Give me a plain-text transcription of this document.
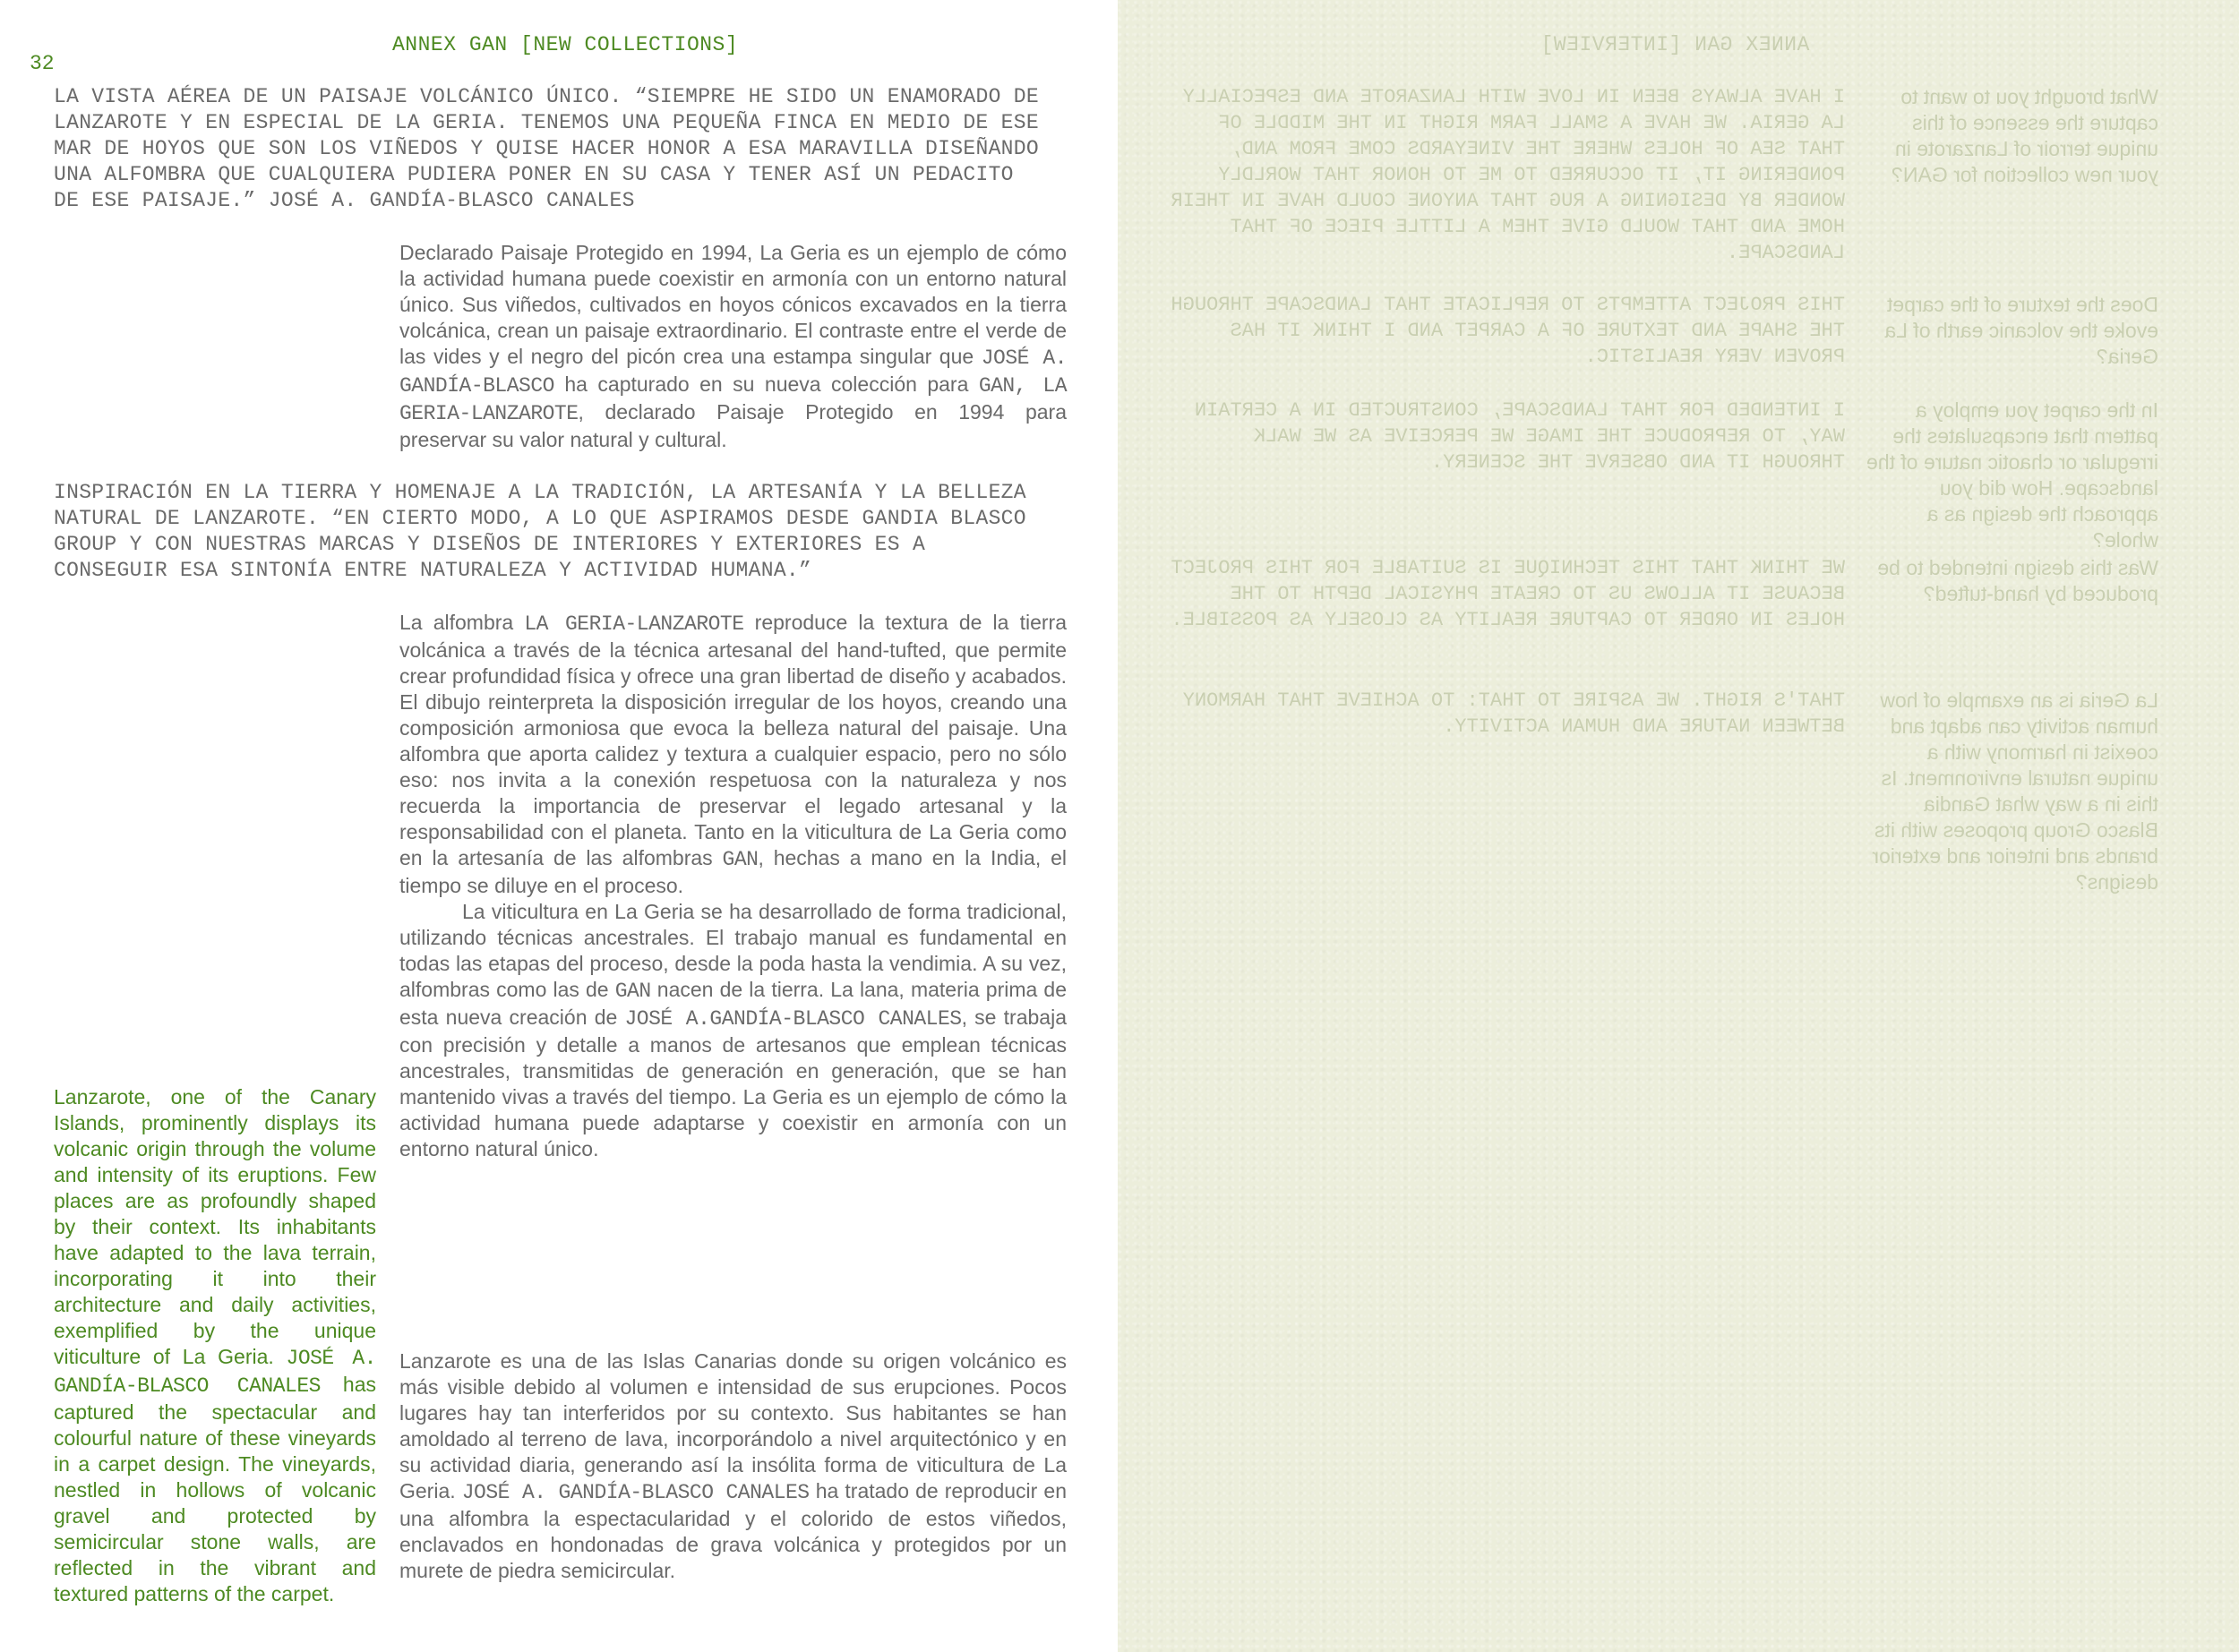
32
ANNEX GAN [NEW COLLECTIONS]
LA VISTA AÉREA DE UN PAISAJE VOLCÁNICO ÚNICO. “SIEMPRE HE SIDO UN ENAMORADO DE LANZAROTE Y EN ESPECIAL DE LA GERIA. TENEMOS UNA PEQUEÑA FINCA EN MEDIO DE ESE MAR DE HOYOS QUE SON LOS VIÑEDOS Y QUISE HACER HONOR A ESA MARAVILLA DISEÑANDO UNA ALFOMBRA QUE CUALQUIERA PUDIERA PONER EN SU CASA Y TENER ASÍ UN PEDACITO DE ESE PAISAJE.” JOSÉ A. GANDÍA-BLASCO CANALES
Declarado Paisaje Protegido en 1994, La Geria es un ejemplo de cómo la actividad humana puede coexistir en armonía con un entorno natural único. Sus viñedos, cultivados en hoyos cónicos excavados en la tierra volcánica, crean un paisaje extraordinario. El contraste entre el verde de las vides y el negro del picón crea una estampa singular que JOSÉ A. GANDÍA-BLASCO ha capturado en su nueva colección para GAN, LA GERIA-LANZAROTE, declarado Paisaje Protegido en 1994 para preservar su valor natural y cultural.
INSPIRACIÓN EN LA TIERRA Y HOMENAJE A LA TRADICIÓN, LA ARTESANÍA Y LA BELLEZA NATURAL DE LANZAROTE. “EN CIERTO MODO, A LO QUE ASPIRAMOS DESDE GANDIA BLASCO GROUP Y CON NUESTRAS MARCAS Y DISEÑOS DE INTERIORES Y EXTERIORES ES A CONSEGUIR ESA SINTONÍA ENTRE NATURALEZA Y ACTIVIDAD HUMANA.”
La alfombra LA GERIA-LANZAROTE reproduce la textura de la tierra volcánica a través de la técnica artesanal del hand-tufted, que permite crear profundidad física y ofrece una gran libertad de diseño y acabados. El dibujo reinterpreta la disposición irregular de los hoyos, creando una composición armoniosa que evoca la belleza natural del paisaje. Una alfombra que aporta calidez y textura a cualquier espacio, pero no sólo eso: nos invita a la conexión respetuosa con la naturaleza y nos recuerda la importancia de preservar el legado artesanal y la responsabilidad con el planeta. Tanto en la viticultura de La Geria como en la artesanía de las alfombras GAN, hechas a mano en la India, el tiempo se diluye en el proceso.
La viticultura en La Geria se ha desarrollado de forma tradicional, utilizando técnicas ancestrales. El trabajo manual es fundamental en todas las etapas del proceso, desde la poda hasta la vendimia. A su vez, alfombras como las de GAN nacen de la tierra. La lana, materia prima de esta nueva creación de JOSÉ A.GANDÍA-BLASCO CANALES, se trabaja con precisión y detalle a manos de artesanos que emplean técnicas ancestrales, transmitidas de generación en generación, que se han mantenido vivas a través del tiempo. La Geria es un ejemplo de cómo la actividad humana puede adaptarse y coexistir en armonía con un entorno natural único.
Lanzarote, one of the Canary Islands, prominently displays its volcanic origin through the volume and intensity of its eruptions. Few places are as profoundly shaped by their context. Its inhabitants have adapted to the lava terrain, incorporating it into their architecture and daily activities, exemplified by the unique viticulture of La Geria. JOSÉ A. GANDÍA-BLASCO CANALES has captured the spectacular and colourful nature of these vineyards in a carpet design. The vineyards, nestled in hollows of volcanic gravel and protected by semicircular stone walls, are reflected in the vibrant and textured patterns of the carpet.
Lanzarote es una de las Islas Canarias donde su origen volcánico es más visible debido al volumen e intensidad de sus erupciones. Pocos lugares hay tan interferidos por su contexto. Sus habitantes se han amoldado al terreno de lava, incorporándolo a nivel arquitectónico y en su actividad diaria, generando así la insólita forma de viticultura de La Geria. JOSÉ A. GANDÍA-BLASCO CANALES ha tratado de reproducir en una alfombra la espectacularidad y el colorido de estos viñedos, enclavados en hondonadas de grava volcánica y protegidos por un murete de piedra semicircular.
ANNEX GAN [INTERVIEW]
I HAVE ALWAYS BEEN IN LOVE WITH LANZAROTE AND ESPECIALLY LA GERIA. WE HAVE A SMALL FARM RIGHT IN THE MIDDLE OF THAT SEA OF HOLES WHERE THE VINEYARDS COME FROM AND, PONDERING IT, IT OCCURRED TO ME TO HONOR THAT WORLDLY WONDER BY DESIGNING A RUG THAT ANYONE COULD HAVE IN THEIR HOME AND THAT WOULD GIVE THEM A LITTLE PIECE OF THAT LANDSCAPE.
What brought you to want to capture the essence of this unique terroir of Lanzarote in your new collection for GAN?
THIS PROJECT ATTEMPTS TO REPLICATE THAT LANDSCAPE THROUGH THE SHAPE AND TEXTURE OF A CARPET AND I THINK IT HAS PROVEN VERY REALISTIC.
Does the texture of the carpet evoke the volcanic earth of La Geria?
I INTENDED FOR THAT LANDSCAPE, CONSTRUCTED IN A CERTAIN WAY, TO REPRODUCE THE IMAGE WE PERCEIVE AS WE WALK THROUGH IT AND OBSERVE THE SCENERY.
In the carpet you employ a pattern that encapsulates the irregular or chaotic nature of the landscape. How did you approach the design as a whole?
WE THINK THAT THIS TECHNIQUE IS SUITABLE FOR THIS PROJECT BECAUSE IT ALLOWS US TO CREATE PHYSICAL DEPTH TO THE HOLES IN ORDER TO CAPTURE REALITY AS CLOSELY AS POSSIBLE.
Was this design intended to be produced by hand-tufted?
THAT'S RIGHT. WE ASPIRE TO THAT: TO ACHIEVE THAT HARMONY BETWEEN NATURE AND HUMAN ACTIVITY.
La Geria is an example of how human activity can adapt and coexist in harmony with a unique natural environment. Is this in a way what Gandia Blasco Group proposes with its brands and interior and exterior designs?
